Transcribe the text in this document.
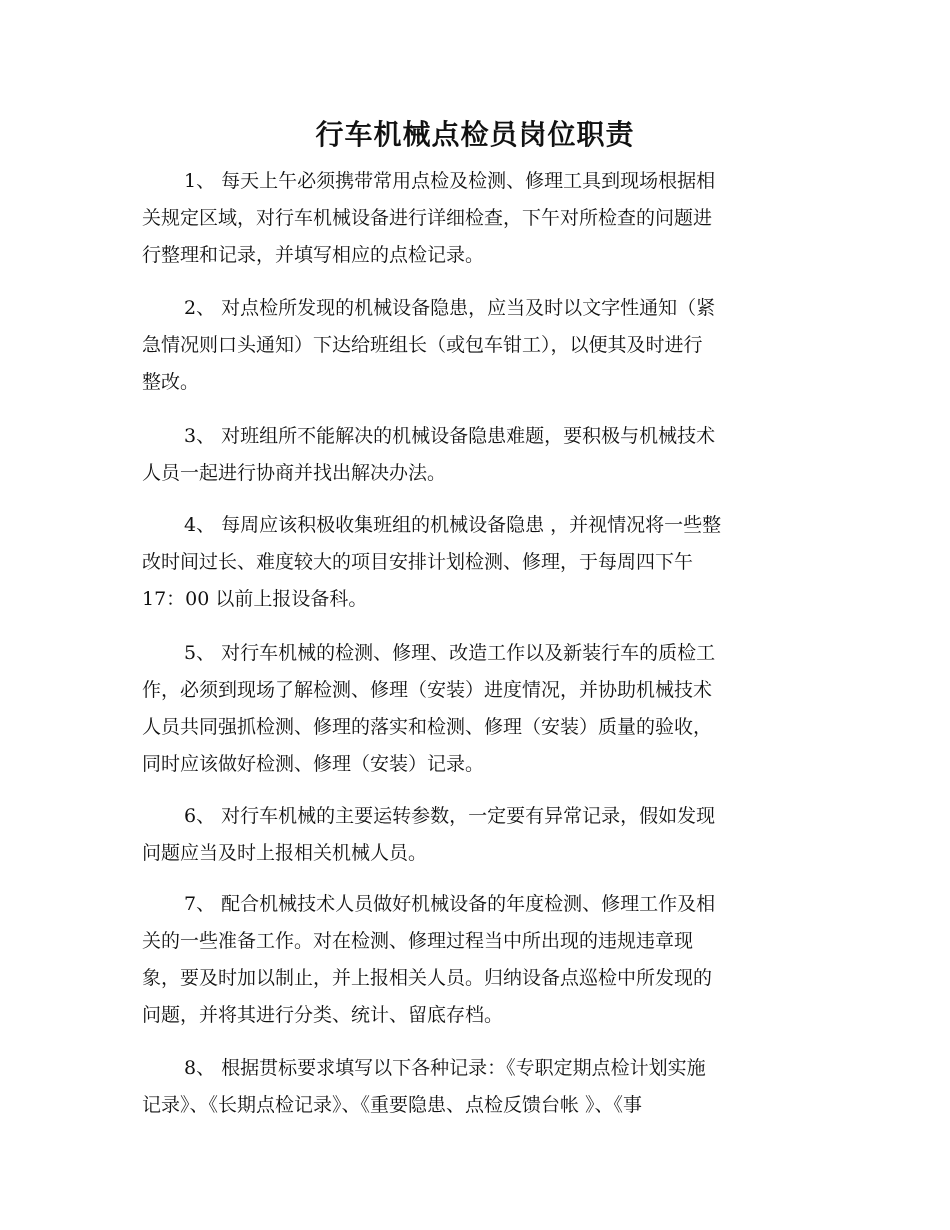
行车机械点检员岗位职责
1、 每天上午必须携带常用点检及检测、修理工具到现场根据相
关规定区域，对行车机械设备进行详细检查，下午对所检查的问题进
行整理和记录，并填写相应的点检记录。
2、 对点检所发现的机械设备隐患，应当及时以文字性通知（紧
急情况则口头通知）下达给班组长（或包车钳工），以便其及时进行
整改。
3、 对班组所不能解决的机械设备隐患难题，要积极与机械技术
人员一起进行协商并找出解决办法。
4、 每周应该积极收集班组的机械设备隐患 ，并视情况将一些整
改时间过长、难度较大的项目安排计划检测、修理，于每周四下午
17：00 以前上报设备科。
5、 对行车机械的检测、修理、改造工作以及新装行车的质检工
作，必须到现场了解检测、修理（安装）进度情况，并协助机械技术
人员共同强抓检测、修理的落实和检测、修理（安装）质量的验收，
同时应该做好检测、修理（安装）记录。
6、 对行车机械的主要运转参数，一定要有异常记录，假如发现
问题应当及时上报相关机械人员。
7、 配合机械技术人员做好机械设备的年度检测、修理工作及相
关的一些准备工作。对在检测、修理过程当中所出现的违规违章现
象，要及时加以制止，并上报相关人员。归纳设备点巡检中所发现的
问题，并将其进行分类、统计、留底存档。
8、 根据贯标要求填写以下各种记录：《专职定期点检计划实施
记录》、《长期点检记录》、《重要隐患、点检反馈台帐 》、《事
